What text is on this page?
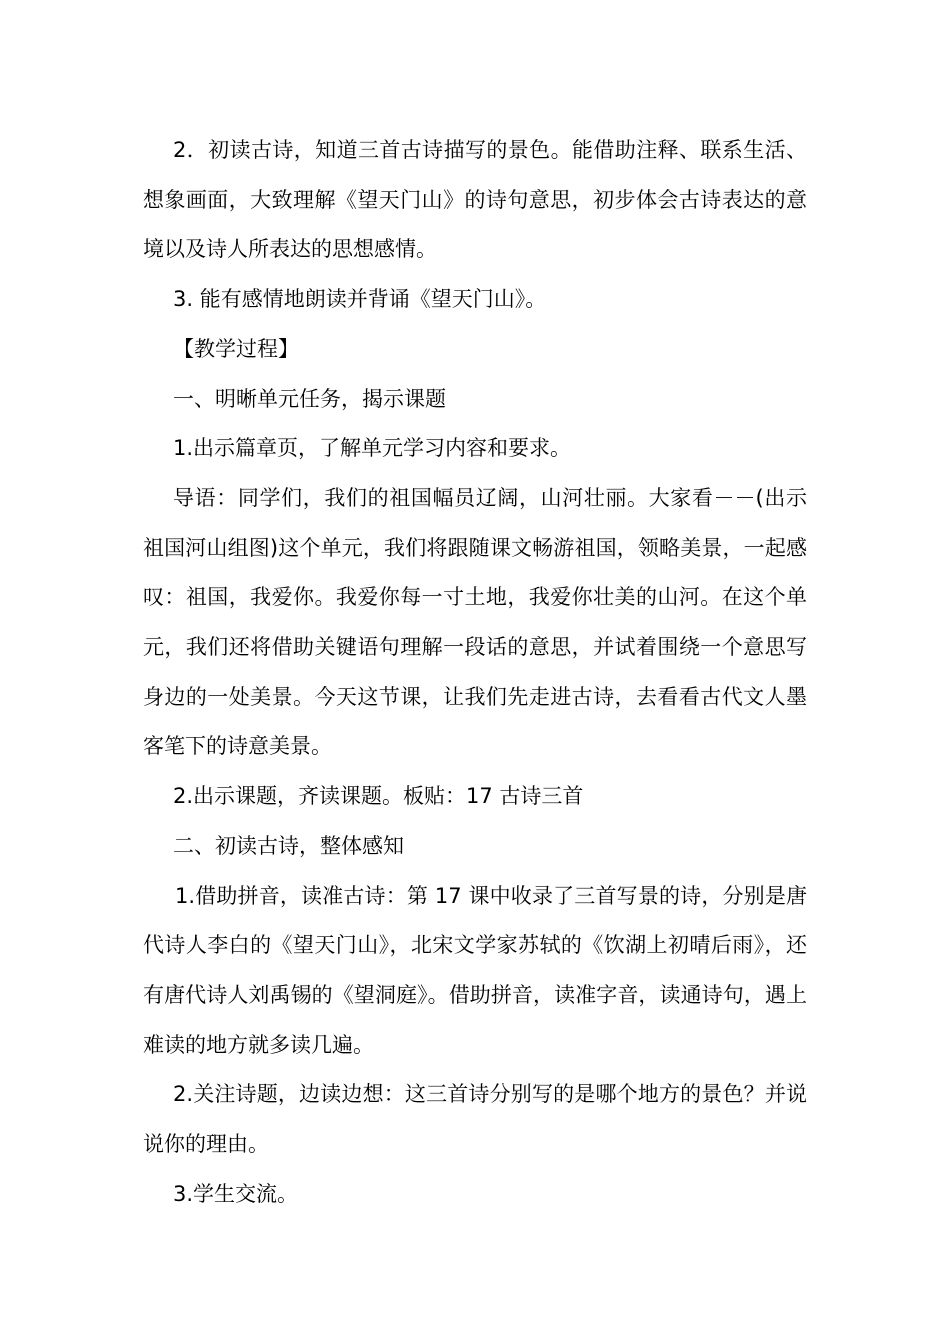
2．初读古诗，知道三首古诗描写的景色。能借助注释、联系生活、想象画面，大致理解《望天门山》的诗句意思，初步体会古诗表达的意境以及诗人所表达的思想感情。

3. 能有感情地朗读并背诵《望天门山》。

【教学过程】

一、明晰单元任务，揭示课题

1.出示篇章页，了解单元学习内容和要求。

导语：同学们，我们的祖国幅员辽阔，山河壮丽。大家看－－(出示祖国河山组图)这个单元，我们将跟随课文畅游祖国，领略美景，一起感叹：祖国，我爱你。我爱你每一寸土地，我爱你壮美的山河。在这个单元，我们还将借助关键语句理解一段话的意思，并试着围绕一个意思写身边的一处美景。今天这节课，让我们先走进古诗，去看看古代文人墨客笔下的诗意美景。

2.出示课题，齐读课题。板贴：17 古诗三首

二、初读古诗，整体感知

1.借助拼音，读准古诗：第 17 课中收录了三首写景的诗，分别是唐代诗人李白的《望天门山》，北宋文学家苏轼的《饮湖上初晴后雨》，还有唐代诗人刘禹锡的《望洞庭》。借助拼音，读准字音，读通诗句，遇上难读的地方就多读几遍。

2.关注诗题，边读边想：这三首诗分别写的是哪个地方的景色？并说说你的理由。

3.学生交流。
